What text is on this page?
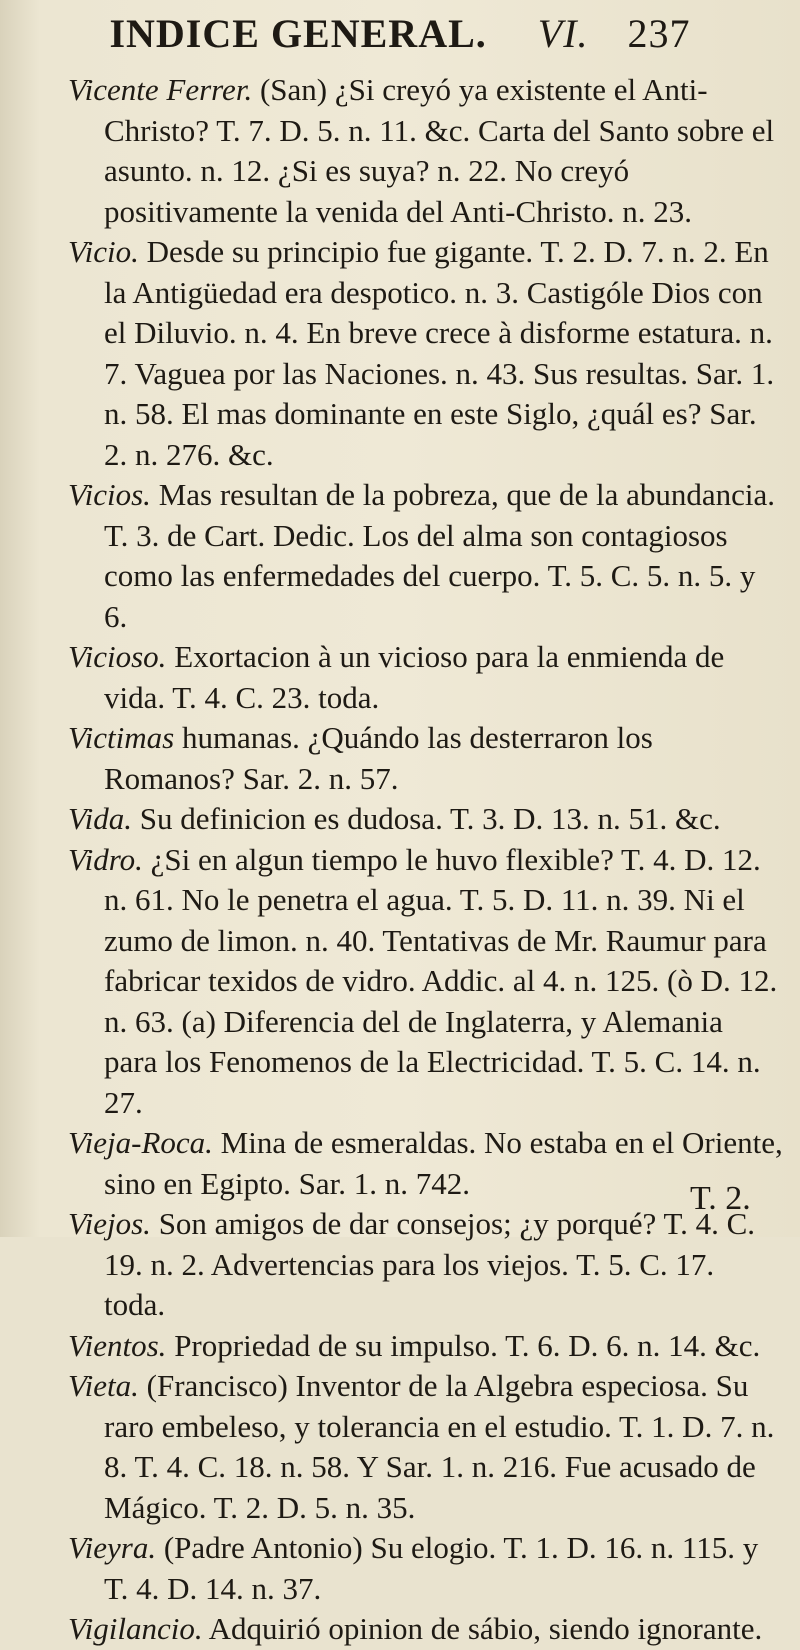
INDICE GENERAL. VI. 237

Vicente Ferrer. (San) ¿Si creyó ya existente el Anti-Christo? T. 7. D. 5. n. 11. &c. Carta del Santo sobre el asunto. n. 12. ¿Si es suya? n. 22. No creyó positivamente la venida del Anti-Christo. n. 23.

Vicio. Desde su principio fue gigante. T. 2. D. 7. n. 2. En la Antigüedad era despotico. n. 3. Castigóle Dios con el Diluvio. n. 4. En breve crece à disforme estatura. n. 7. Vaguea por las Naciones. n. 43. Sus resultas. Sar. 1. n. 58. El mas dominante en este Siglo, ¿quál es? Sar. 2. n. 276. &c.

Vicios. Mas resultan de la pobreza, que de la abundancia. T. 3. de Cart. Dedic. Los del alma son contagiosos como las enfermedades del cuerpo. T. 5. C. 5. n. 5. y 6.

Vicioso. Exortacion à un vicioso para la enmienda de vida. T. 4. C. 23. toda.

Victimas humanas. ¿Quándo las desterraron los Romanos? Sar. 2. n. 57.

Vida. Su definicion es dudosa. T. 3. D. 13. n. 51. &c.

Vidro. ¿Si en algun tiempo le huvo flexible? T. 4. D. 12. n. 61. No le penetra el agua. T. 5. D. 11. n. 39. Ni el zumo de limon. n. 40. Tentativas de Mr. Raumur para fabricar texidos de vidro. Addic. al 4. n. 125. (ò D. 12. n. 63. (a) Diferencia del de Inglaterra, y Alemania para los Fenomenos de la Electricidad. T. 5. C. 14. n. 27.

Vieja-Roca. Mina de esmeraldas. No estaba en el Oriente, sino en Egipto. Sar. 1. n. 742.

Viejos. Son amigos de dar consejos; ¿y porqué? T. 4. C. 19. n. 2. Advertencias para los viejos. T. 5. C. 17. toda.

Vientos. Propriedad de su impulso. T. 6. D. 6. n. 14. &c.

Vieta. (Francisco) Inventor de la Algebra especiosa. Su raro embeleso, y tolerancia en el estudio. T. 1. D. 7. n. 8. T. 4. C. 18. n. 58. Y Sar. 1. n. 216. Fue acusado de Mágico. T. 2. D. 5. n. 35.

Vieyra. (Padre Antonio) Su elogio. T. 1. D. 16. n. 115. y T. 4. D. 14. n. 37.

Vigilancio. Adquirió opinion de sábio, siendo ignorante.

T. 2.
